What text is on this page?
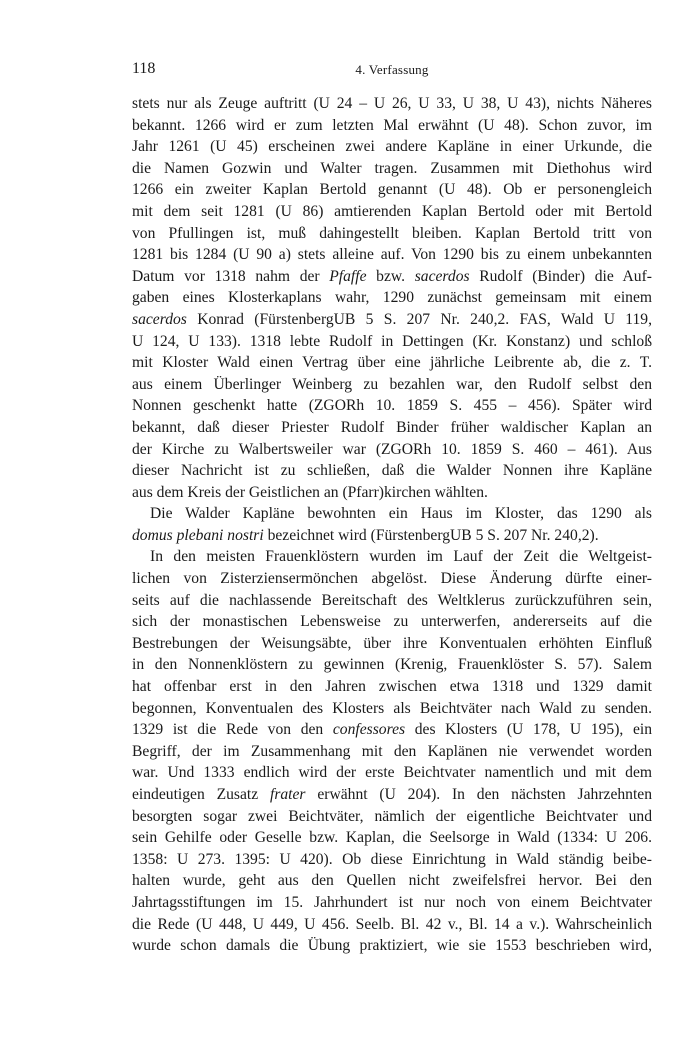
118	4. Verfassung
stets nur als Zeuge auftritt (U 24 – U 26, U 33, U 38, U 43), nichts Näheres
bekannt. 1266 wird er zum letzten Mal erwähnt (U 48). Schon zuvor, im
Jahr 1261 (U 45) erscheinen zwei andere Kapläne in einer Urkunde, die
die Namen Gozwin und Walter tragen. Zusammen mit Diethohus wird
1266 ein zweiter Kaplan Bertold genannt (U 48). Ob er personengleich
mit dem seit 1281 (U 86) amtierenden Kaplan Bertold oder mit Bertold
von Pfullingen ist, muß dahingestellt bleiben. Kaplan Bertold tritt von
1281 bis 1284 (U 90 a) stets alleine auf. Von 1290 bis zu einem unbekannten
Datum vor 1318 nahm der Pfaffe bzw. sacerdos Rudolf (Binder) die Auf-
gaben eines Klosterkaplans wahr, 1290 zunächst gemeinsam mit einem
sacerdos Konrad (FürstenbergUB 5 S. 207 Nr. 240,2. FAS, Wald U 119,
U 124, U 133). 1318 lebte Rudolf in Dettingen (Kr. Konstanz) und schloß
mit Kloster Wald einen Vertrag über eine jährliche Leibrente ab, die z. T.
aus einem Überlinger Weinberg zu bezahlen war, den Rudolf selbst den
Nonnen geschenkt hatte (ZGORh 10. 1859 S. 455 – 456). Später wird
bekannt, daß dieser Priester Rudolf Binder früher waldischer Kaplan an
der Kirche zu Walbertsweiler war (ZGORh 10. 1859 S. 460 – 461). Aus
dieser Nachricht ist zu schließen, daß die Walder Nonnen ihre Kapläne
aus dem Kreis der Geistlichen an (Pfarr)kirchen wählten.
Die Walder Kapläne bewohnten ein Haus im Kloster, das 1290 als
domus plebani nostri bezeichnet wird (FürstenbergUB 5 S. 207 Nr. 240,2).
In den meisten Frauenklöstern wurden im Lauf der Zeit die Weltgeist-
lichen von Zisterziensermönchen abgelöst. Diese Änderung dürfte einer-
seits auf die nachlassende Bereitschaft des Weltklerus zurückzuführen sein,
sich der monastischen Lebensweise zu unterwerfen, andererseits auf die
Bestrebungen der Weisungsäbte, über ihre Konventualen erhöhten Einfluß
in den Nonnenklöstern zu gewinnen (Krenig, Frauenklöster S. 57). Salem
hat offenbar erst in den Jahren zwischen etwa 1318 und 1329 damit
begonnen, Konventualen des Klosters als Beichtväter nach Wald zu senden.
1329 ist die Rede von den confessores des Klosters (U 178, U 195), ein
Begriff, der im Zusammenhang mit den Kaplänen nie verwendet worden
war. Und 1333 endlich wird der erste Beichtvater namentlich und mit dem
eindeutigen Zusatz frater erwähnt (U 204). In den nächsten Jahrzehnten
besorgten sogar zwei Beichtväter, nämlich der eigentliche Beichtvater und
sein Gehilfe oder Geselle bzw. Kaplan, die Seelsorge in Wald (1334: U 206.
1358: U 273. 1395: U 420). Ob diese Einrichtung in Wald ständig beibe-
halten wurde, geht aus den Quellen nicht zweifelsfrei hervor. Bei den
Jahrtagsstiftungen im 15. Jahrhundert ist nur noch von einem Beichtvater
die Rede (U 448, U 449, U 456. Seelb. Bl. 42 v., Bl. 14 a v.). Wahrscheinlich
wurde schon damals die Übung praktiziert, wie sie 1553 beschrieben wird,
